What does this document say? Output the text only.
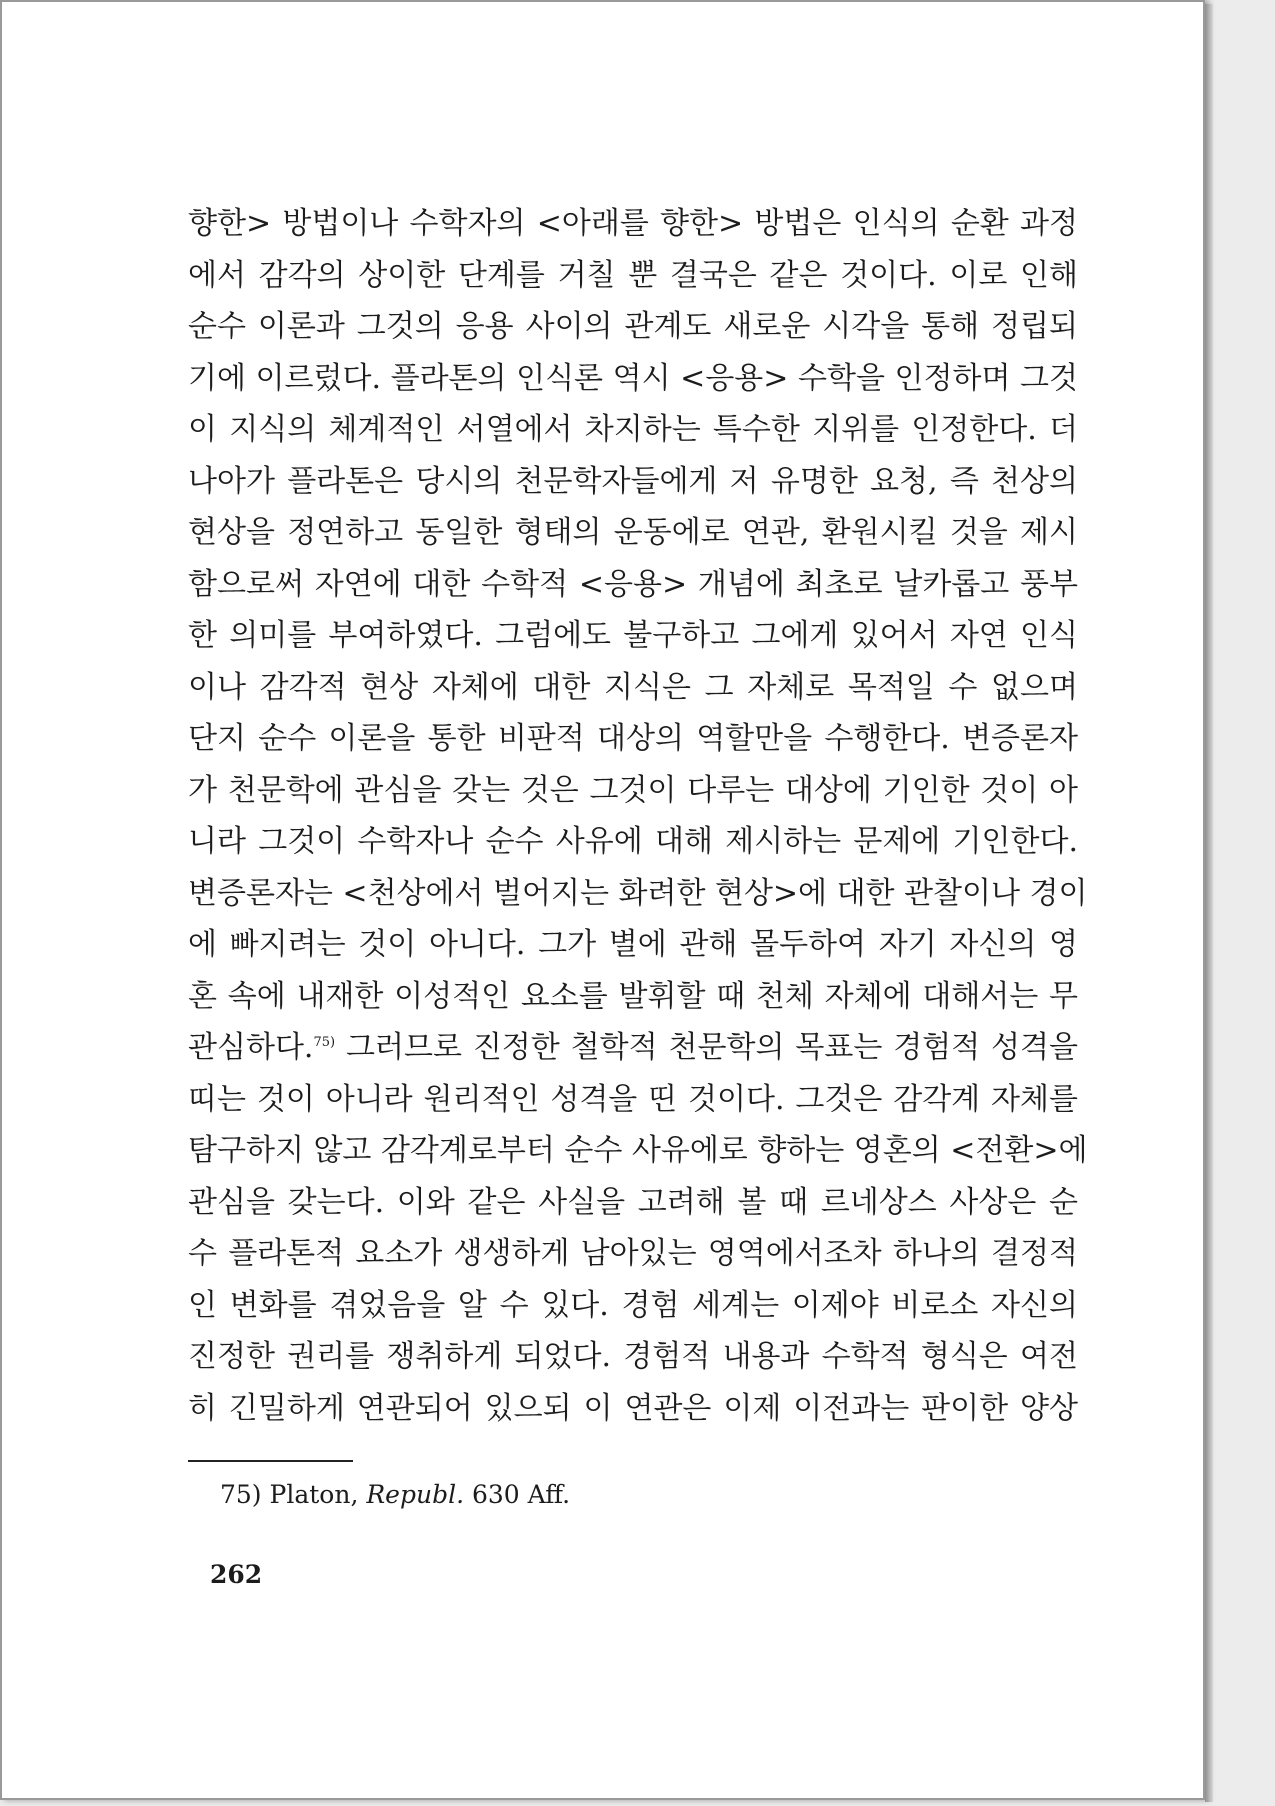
향한> 방법이나 수학자의 <아래를 향한> 방법은 인식의 순환 과정
에서 감각의 상이한 단계를 거칠 뿐 결국은 같은 것이다. 이로 인해
순수 이론과 그것의 응용 사이의 관계도 새로운 시각을 통해 정립되
기에 이르렀다. 플라톤의 인식론 역시 <응용> 수학을 인정하며 그것
이 지식의 체계적인 서열에서 차지하는 특수한 지위를 인정한다. 더
나아가 플라톤은 당시의 천문학자들에게 저 유명한 요청, 즉 천상의
현상을 정연하고 동일한 형태의 운동에로 연관, 환원시킬 것을 제시
함으로써 자연에 대한 수학적 <응용> 개념에 최초로 날카롭고 풍부
한 의미를 부여하였다. 그럼에도 불구하고 그에게 있어서 자연 인식
이나 감각적 현상 자체에 대한 지식은 그 자체로 목적일 수 없으며
단지 순수 이론을 통한 비판적 대상의 역할만을 수행한다. 변증론자
가 천문학에 관심을 갖는 것은 그것이 다루는 대상에 기인한 것이 아
니라 그것이 수학자나 순수 사유에 대해 제시하는 문제에 기인한다.
변증론자는 <천상에서 벌어지는 화려한 현상>에 대한 관찰이나 경이
에 빠지려는 것이 아니다. 그가 별에 관해 몰두하여 자기 자신의 영
혼 속에 내재한 이성적인 요소를 발휘할 때 천체 자체에 대해서는 무
관심하다.$^{75)}$ 그러므로 진정한 철학적 천문학의 목표는 경험적 성격을
띠는 것이 아니라 원리적인 성격을 띤 것이다. 그것은 감각계 자체를
탐구하지 않고 감각계로부터 순수 사유에로 향하는 영혼의 <전환>에
관심을 갖는다. 이와 같은 사실을 고려해 볼 때 르네상스 사상은 순
수 플라톤적 요소가 생생하게 남아있는 영역에서조차 하나의 결정적
인 변화를 겪었음을 알 수 있다. 경험 세계는 이제야 비로소 자신의
진정한 권리를 쟁취하게 되었다. 경험적 내용과 수학적 형식은 여전
히 긴밀하게 연관되어 있으되 이 연관은 이제 이전과는 판이한 양상
75) Platon, Republ. 630 Aff.
262
